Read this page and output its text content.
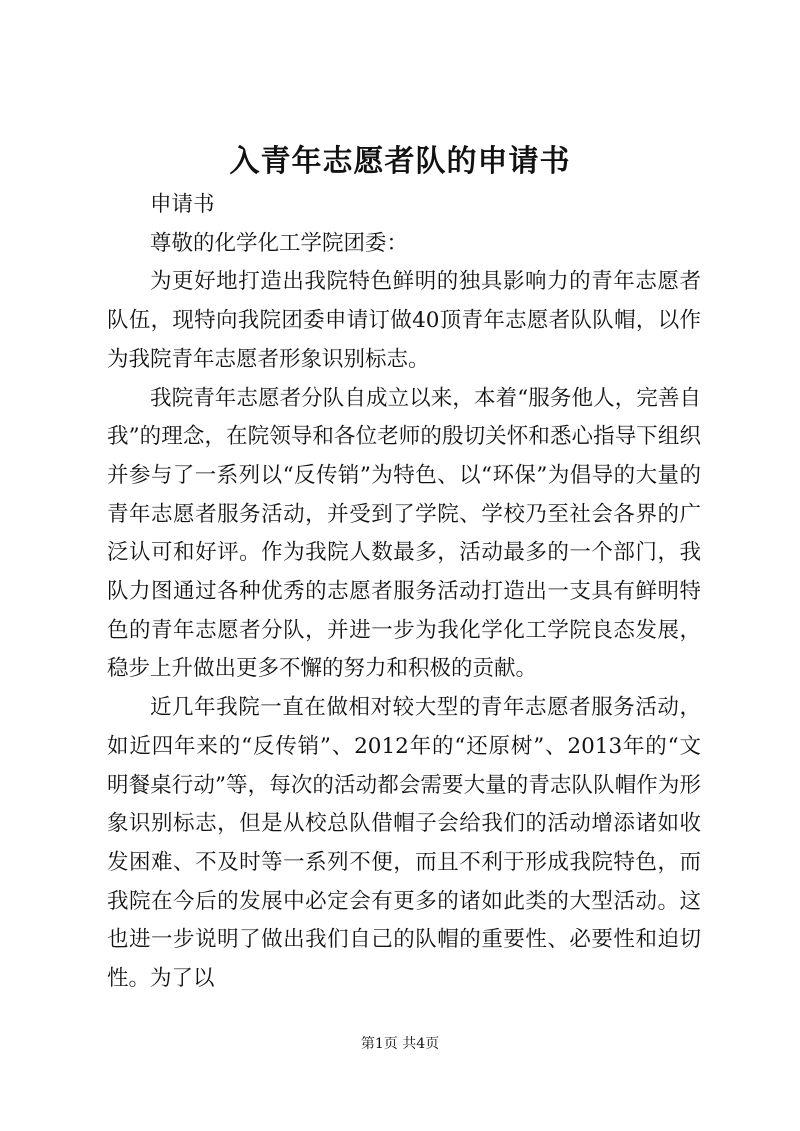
入青年志愿者队的申请书

申请书

尊敬的化学化工学院团委：

为更好地打造出我院特色鲜明的独具影响力的青年志愿者队伍，现特向我院团委申请订做40顶青年志愿者队队帽，以作为我院青年志愿者形象识别标志。

我院青年志愿者分队自成立以来，本着“服务他人，完善自我”的理念，在院领导和各位老师的殷切关怀和悉心指导下组织并参与了一系列以“反传销”为特色、以“环保”为倡导的大量的青年志愿者服务活动，并受到了学院、学校乃至社会各界的广泛认可和好评。作为我院人数最多，活动最多的一个部门，我队力图通过各种优秀的志愿者服务活动打造出一支具有鲜明特色的青年志愿者分队，并进一步为我化学化工学院良态发展，稳步上升做出更多不懈的努力和积极的贡献。

近几年我院一直在做相对较大型的青年志愿者服务活动，如近四年来的“反传销”、2012年的“还原树”、2013年的“文明餐桌行动”等，每次的活动都会需要大量的青志队队帽作为形象识别标志，但是从校总队借帽子会给我们的活动增添诸如收发困难、不及时等一系列不便，而且不利于形成我院特色，而我院在今后的发展中必定会有更多的诸如此类的大型活动。这也进一步说明了做出我们自己的队帽的重要性、必要性和迫切性。为了以

第1页 共4页
